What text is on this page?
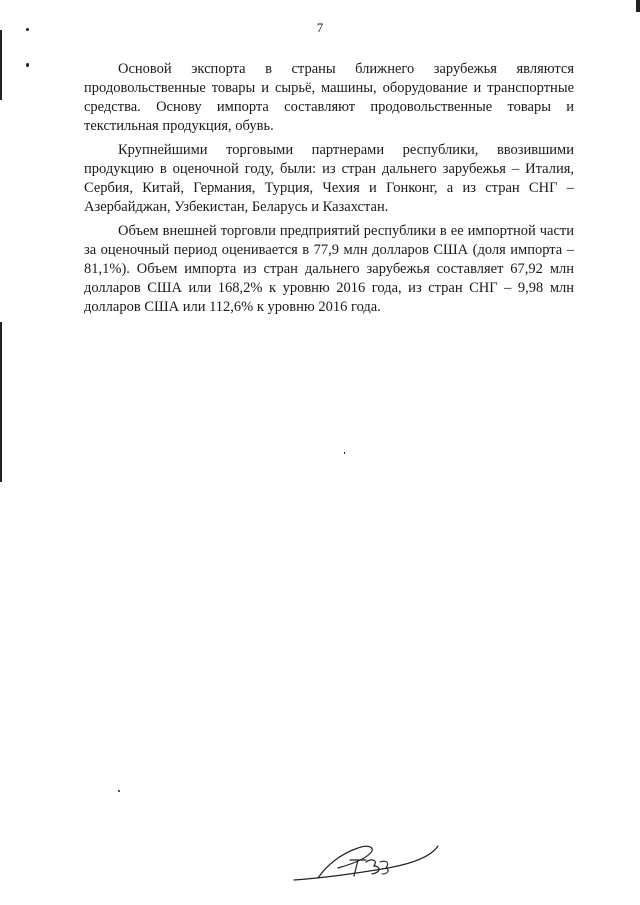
7

Основой экспорта в страны ближнего зарубежья являются продовольственные товары и сырьё, машины, оборудование и транспортные средства. Основу импорта составляют продовольственные товары и текстильная продукция, обувь.

Крупнейшими торговыми партнерами республики, ввозившими продукцию в оценочной году, были: из стран дальнего зарубежья – Италия, Сербия, Китай, Германия, Турция, Чехия и Гонконг, а из стран СНГ – Азербайджан, Узбекистан, Беларусь и Казахстан.

Объем внешней торговли предприятий республики в ее импортной части за оценочный период оценивается в 77,9 млн долларов США (доля импорта – 81,1%). Объем импорта из стран дальнего зарубежья составляет 67,92 млн долларов США или 168,2% к уровню 2016 года, из стран СНГ – 9,98 млн долларов США или 112,6% к уровню 2016 года.
